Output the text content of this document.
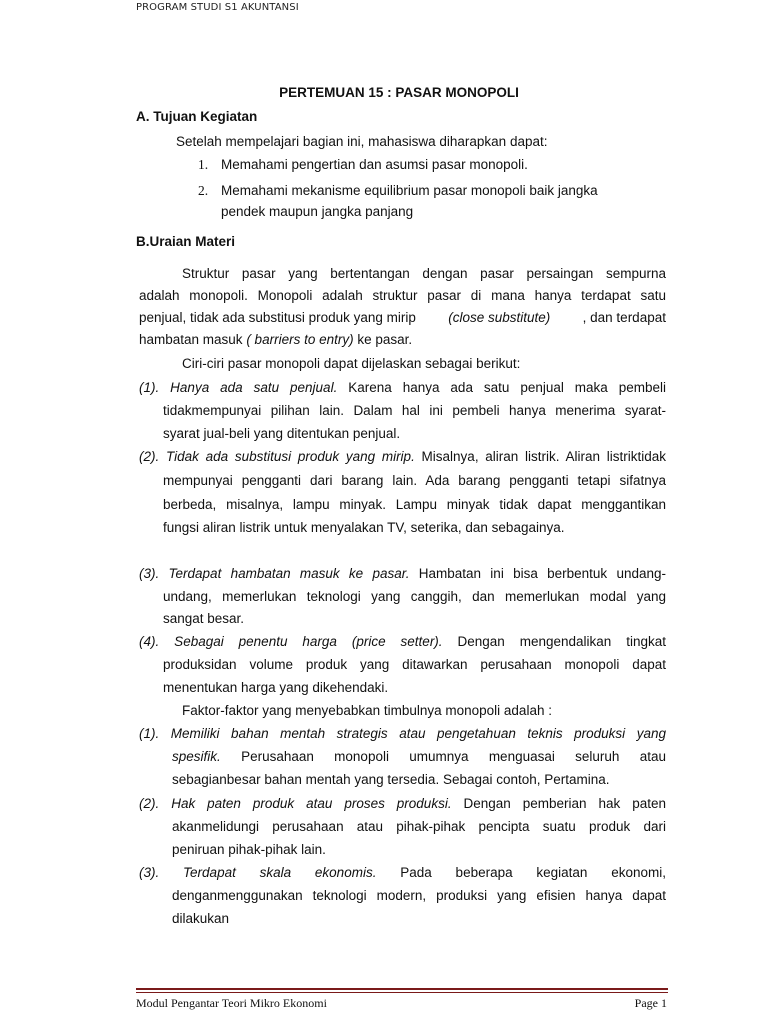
PROGRAM STUDI S1 AKUNTANSI
PERTEMUAN 15 : PASAR MONOPOLI
A. Tujuan Kegiatan
Setelah mempelajari bagian ini, mahasiswa diharapkan dapat:
1. Memahami pengertian dan asumsi pasar monopoli.
2. Memahami mekanisme equilibrium pasar monopoli baik jangka
pendek maupun jangka panjang
B.Uraian Materi
Struktur pasar yang bertentangan dengan pasar persaingan sempurna
adalah monopoli. Monopoli adalah struktur pasar di mana hanya terdapat satu
penjual, tidak ada substitusi produk yang mirip (close substitute) , dan terdapat
hambatan masuk ( barriers to entry) ke pasar.
Ciri-ciri pasar monopoli dapat dijelaskan sebagai berikut:
(1). Hanya ada satu penjual. Karena hanya ada satu penjual maka pembeli
tidakmempunyai pilihan lain. Dalam hal ini pembeli hanya menerima syarat-
syarat jual-beli yang ditentukan penjual.
(2). Tidak ada substitusi produk yang mirip. Misalnya, aliran listrik. Aliran listriktidak
mempunyai pengganti dari barang lain. Ada barang pengganti tetapi sifatnya
berbeda, misalnya, lampu minyak. Lampu minyak tidak dapat menggantikan
fungsi aliran listrik untuk menyalakan TV, seterika, dan sebagainya.
(3). Terdapat hambatan masuk ke pasar. Hambatan ini bisa berbentuk undang-
undang, memerlukan teknologi yang canggih, dan memerlukan modal yang
sangat besar.
(4). Sebagai penentu harga (price setter). Dengan mengendalikan tingkat
produksidan volume produk yang ditawarkan perusahaan monopoli dapat
menentukan harga yang dikehendaki.
Faktor-faktor yang menyebabkan timbulnya monopoli adalah :
(1). Memiliki bahan mentah strategis atau pengetahuan teknis produksi yang
spesifik. Perusahaan monopoli umumnya menguasai seluruh atau
sebagianbesar bahan mentah yang tersedia. Sebagai contoh, Pertamina.
(2). Hak paten produk atau proses produksi. Dengan pemberian hak paten
akanmelidungi perusahaan atau pihak-pihak pencipta suatu produk dari
peniruan pihak-pihak lain.
(3). Terdapat skala ekonomis. Pada beberapa kegiatan ekonomi,
denganmenggunakan teknologi modern, produksi yang efisien hanya dapat
dilakukan
Modul Pengantar Teori Mikro Ekonomi	Page 1
